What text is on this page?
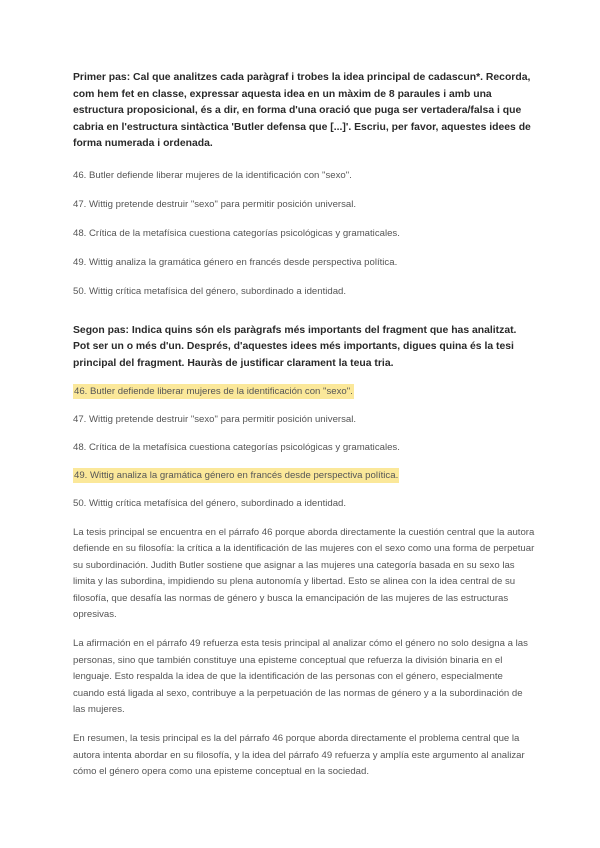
Primer pas: Cal que analitzes cada paràgraf i trobes la idea principal de cadascun*. Recorda, com hem fet en classe, expressar aquesta idea en un màxim de 8 paraules i amb una estructura proposicional, és a dir, en forma d'una oració que puga ser vertadera/falsa i que cabria en l'estructura sintàctica 'Butler defensa que [...]'. Escriu, per favor, aquestes idees de forma numerada i ordenada.

46. Butler defiende liberar mujeres de la identificación con "sexo".

47. Wittig pretende destruir "sexo" para permitir posición universal.

48. Crítica de la metafísica cuestiona categorías psicológicas y gramaticales.

49. Wittig analiza la gramática género en francés desde perspectiva política.

50. Wittig crítica metafísica del género, subordinado a identidad.

Segon pas: Indica quins són els paràgrafs més importants del fragment que has analitzat. Pot ser un o més d'un. Després, d'aquestes idees més importants, digues quina és la tesi principal del fragment. Hauràs de justificar clarament la teua tria.

46. Butler defiende liberar mujeres de la identificación con "sexo".

47. Wittig pretende destruir "sexo" para permitir posición universal.

48. Crítica de la metafísica cuestiona categorías psicológicas y gramaticales.

49. Wittig analiza la gramática género en francés desde perspectiva política.

50. Wittig crítica metafísica del género, subordinado a identidad.

La tesis principal se encuentra en el párrafo 46 porque aborda directamente la cuestión central que la autora defiende en su filosofía: la crítica a la identificación de las mujeres con el sexo como una forma de perpetuar su subordinación. Judith Butler sostiene que asignar a las mujeres una categoría basada en su sexo las limita y las subordina, impidiendo su plena autonomía y libertad. Esto se alinea con la idea central de su filosofía, que desafía las normas de género y busca la emancipación de las mujeres de las estructuras opresivas.

La afirmación en el párrafo 49 refuerza esta tesis principal al analizar cómo el género no solo designa a las personas, sino que también constituye una episteme conceptual que refuerza la división binaria en el lenguaje. Esto respalda la idea de que la identificación de las personas con el género, especialmente cuando está ligada al sexo, contribuye a la perpetuación de las normas de género y a la subordinación de las mujeres.

En resumen, la tesis principal es la del párrafo 46 porque aborda directamente el problema central que la autora intenta abordar en su filosofía, y la idea del párrafo 49 refuerza y amplía este argumento al analizar cómo el género opera como una episteme conceptual en la sociedad.
